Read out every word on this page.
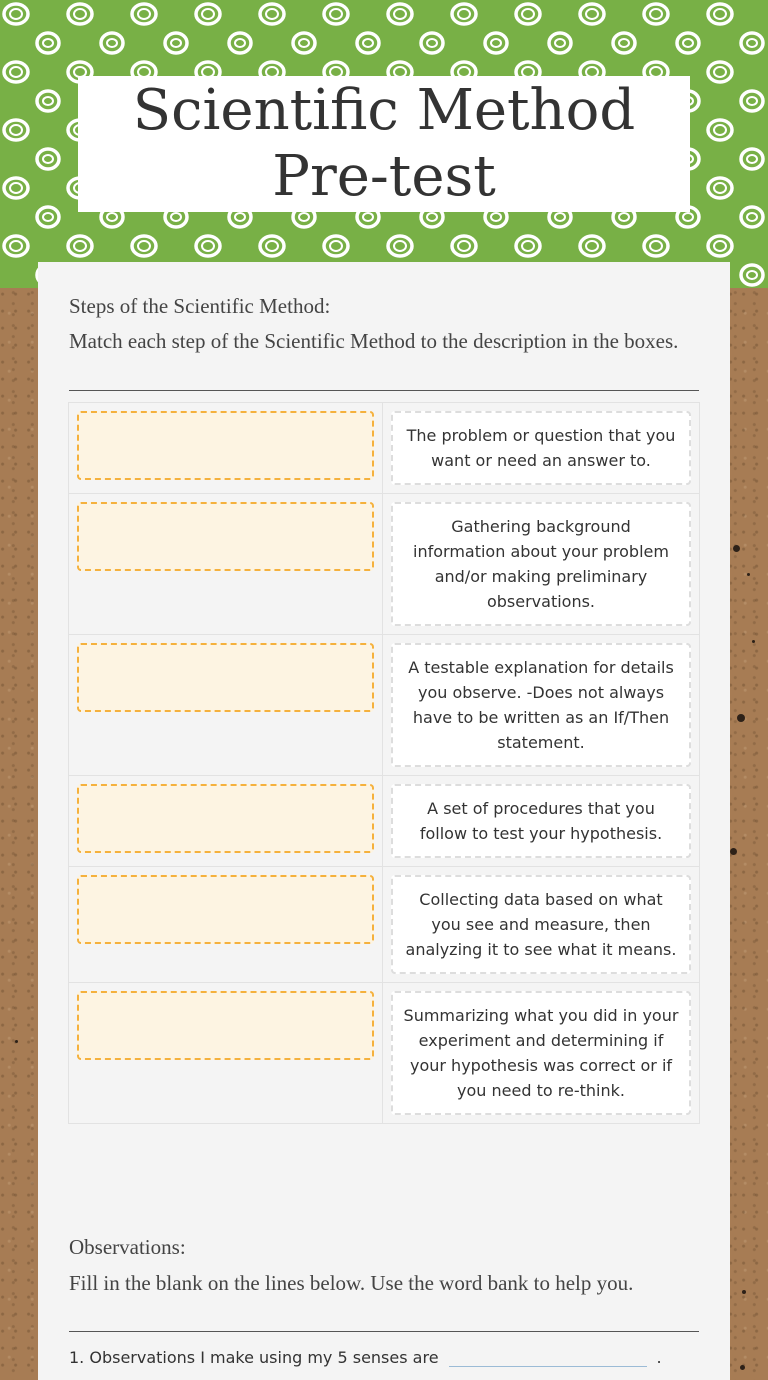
Scientific Method Pre-test

Steps of the Scientific Method:

Match each step of the Scientific Method to the description in the boxes.

The problem or question that you want or need an answer to.
Gathering background information about your problem and/or making preliminary observations.
A testable explanation for details you observe. -Does not always have to be written as an If/Then statement.
A set of procedures that you follow to test your hypothesis.
Collecting data based on what you see and measure, then analyzing it to see what it means.
Summarizing what you did in your experiment and determining if your hypothesis was correct or if you need to re-think.

Observations:

Fill in the blank on the lines below. Use the word bank to help you.

1. Observations I make using my 5 senses are	.
